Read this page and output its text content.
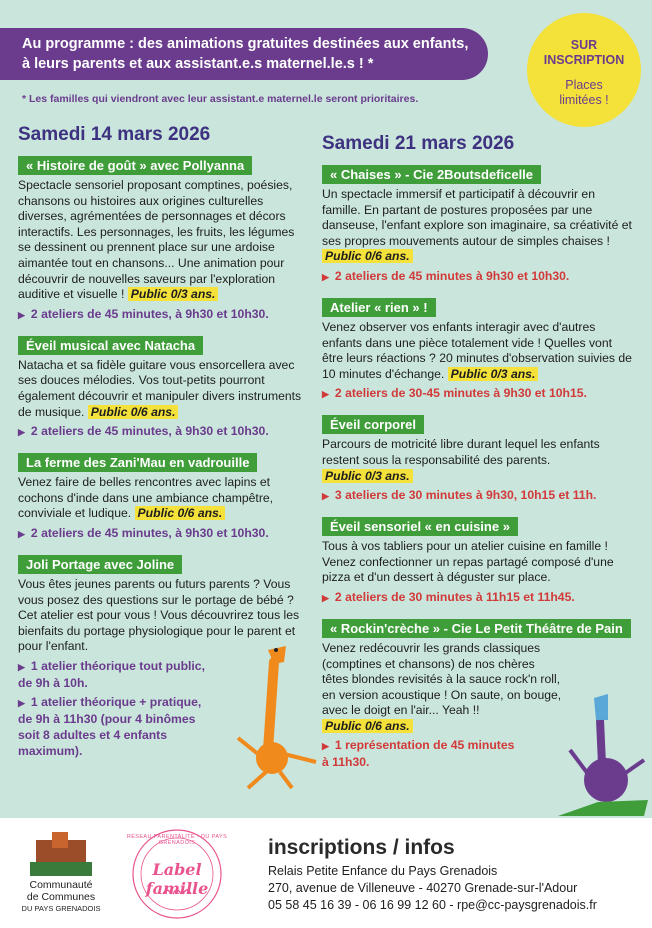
Au programme : des animations gratuites destinées aux enfants, à leurs parents et aux assistant.e.s maternel.le.s ! *
SUR
INSCRIPTION
Places
limitées !
* Les familles qui viendront avec leur assistant.e maternel.le seront prioritaires.
Samedi 14 mars 2026
« Histoire de goût » avec Pollyanna
Spectacle sensoriel proposant comptines, poésies, chansons ou histoires aux origines culturelles diverses, agrémentées de personnages et décors interactifs. Les personnages, les fruits, les légumes se dessinent ou prennent place sur une ardoise aimantée tout en chansons... Une animation pour découvrir de nouvelles saveurs par l'exploration auditive et visuelle ! Public 0/3 ans.
▶ 2 ateliers de 45 minutes, à 9h30 et 10h30.
Éveil musical avec Natacha
Natacha et sa fidèle guitare vous ensorcellera avec ses douces mélodies. Vos tout-petits pourront également découvrir et manipuler divers instruments de musique. Public 0/6 ans.
▶ 2 ateliers de 45 minutes, à 9h30 et 10h30.
La ferme des Zani'Mau en vadrouille
Venez faire de belles rencontres avec lapins et cochons d'inde dans une ambiance champêtre, conviviale et ludique. Public 0/6 ans.
▶ 2 ateliers de 45 minutes, à 9h30 et 10h30.
Joli Portage avec Joline
Vous êtes jeunes parents ou futurs parents ? Vous vous posez des questions sur le portage de bébé ? Cet atelier est pour vous ! Vous découvrirez tous les bienfaits du portage physiologique pour le parent et pour l'enfant.
▶ 1 atelier théorique tout public, de 9h à 10h.
▶ 1 atelier théorique + pratique, de 9h à 11h30 (pour 4 binômes soit 8 adultes et 4 enfants maximum).
Samedi 21 mars 2026
« Chaises » - Cie 2Boutsdeficelle
Un spectacle immersif et participatif à découvrir en famille. En partant de postures proposées par une danseuse, l'enfant explore son imaginaire, sa créativité et ses propres mouvements autour de simples chaises ! Public 0/6 ans.
▶ 2 ateliers de 45 minutes à 9h30 et 10h30.
Atelier « rien » !
Venez observer vos enfants interagir avec d'autres enfants dans une pièce totalement vide ! Quelles vont être leurs réactions ? 20 minutes d'observation suivies de 10 minutes d'échange. Public 0/3 ans.
▶ 2 ateliers de 30-45 minutes à 9h30 et 10h15.
Éveil corporel
Parcours de motricité libre durant lequel les enfants restent sous la responsabilité des parents. Public 0/3 ans.
▶ 3 ateliers de 30 minutes à 9h30, 10h15 et 11h.
Éveil sensoriel « en cuisine »
Tous à vos tabliers pour un atelier cuisine en famille ! Venez confectionner un repas partagé composé d'une pizza et d'un dessert à déguster sur place.
▶ 2 ateliers de 30 minutes à 11h15 et 11h45.
« Rockin'crèche » - Cie Le Petit Théâtre de Pain
Venez redécouvrir les grands classiques (comptines et chansons) de nos chères têtes blondes revisités à la sauce rock'n roll, en version acoustique ! On saute, on bouge, avec le doigt en l'air... Yeah !! Public 0/6 ans.
▶ 1 représentation de 45 minutes à 11h30.
Communauté
de Communes
DU PAYS GRENADOIS
Label famille
RÉSEAU PARENTALITÉ · DU PAYS GRENADOIS	inscriptions / infos
Relais Petite Enfance du Pays Grenadois
270, avenue de Villeneuve - 40270 Grenade-sur-l'Adour
05 58 45 16 39 - 06 16 99 12 60 - rpe@cc-paysgrenadois.fr
